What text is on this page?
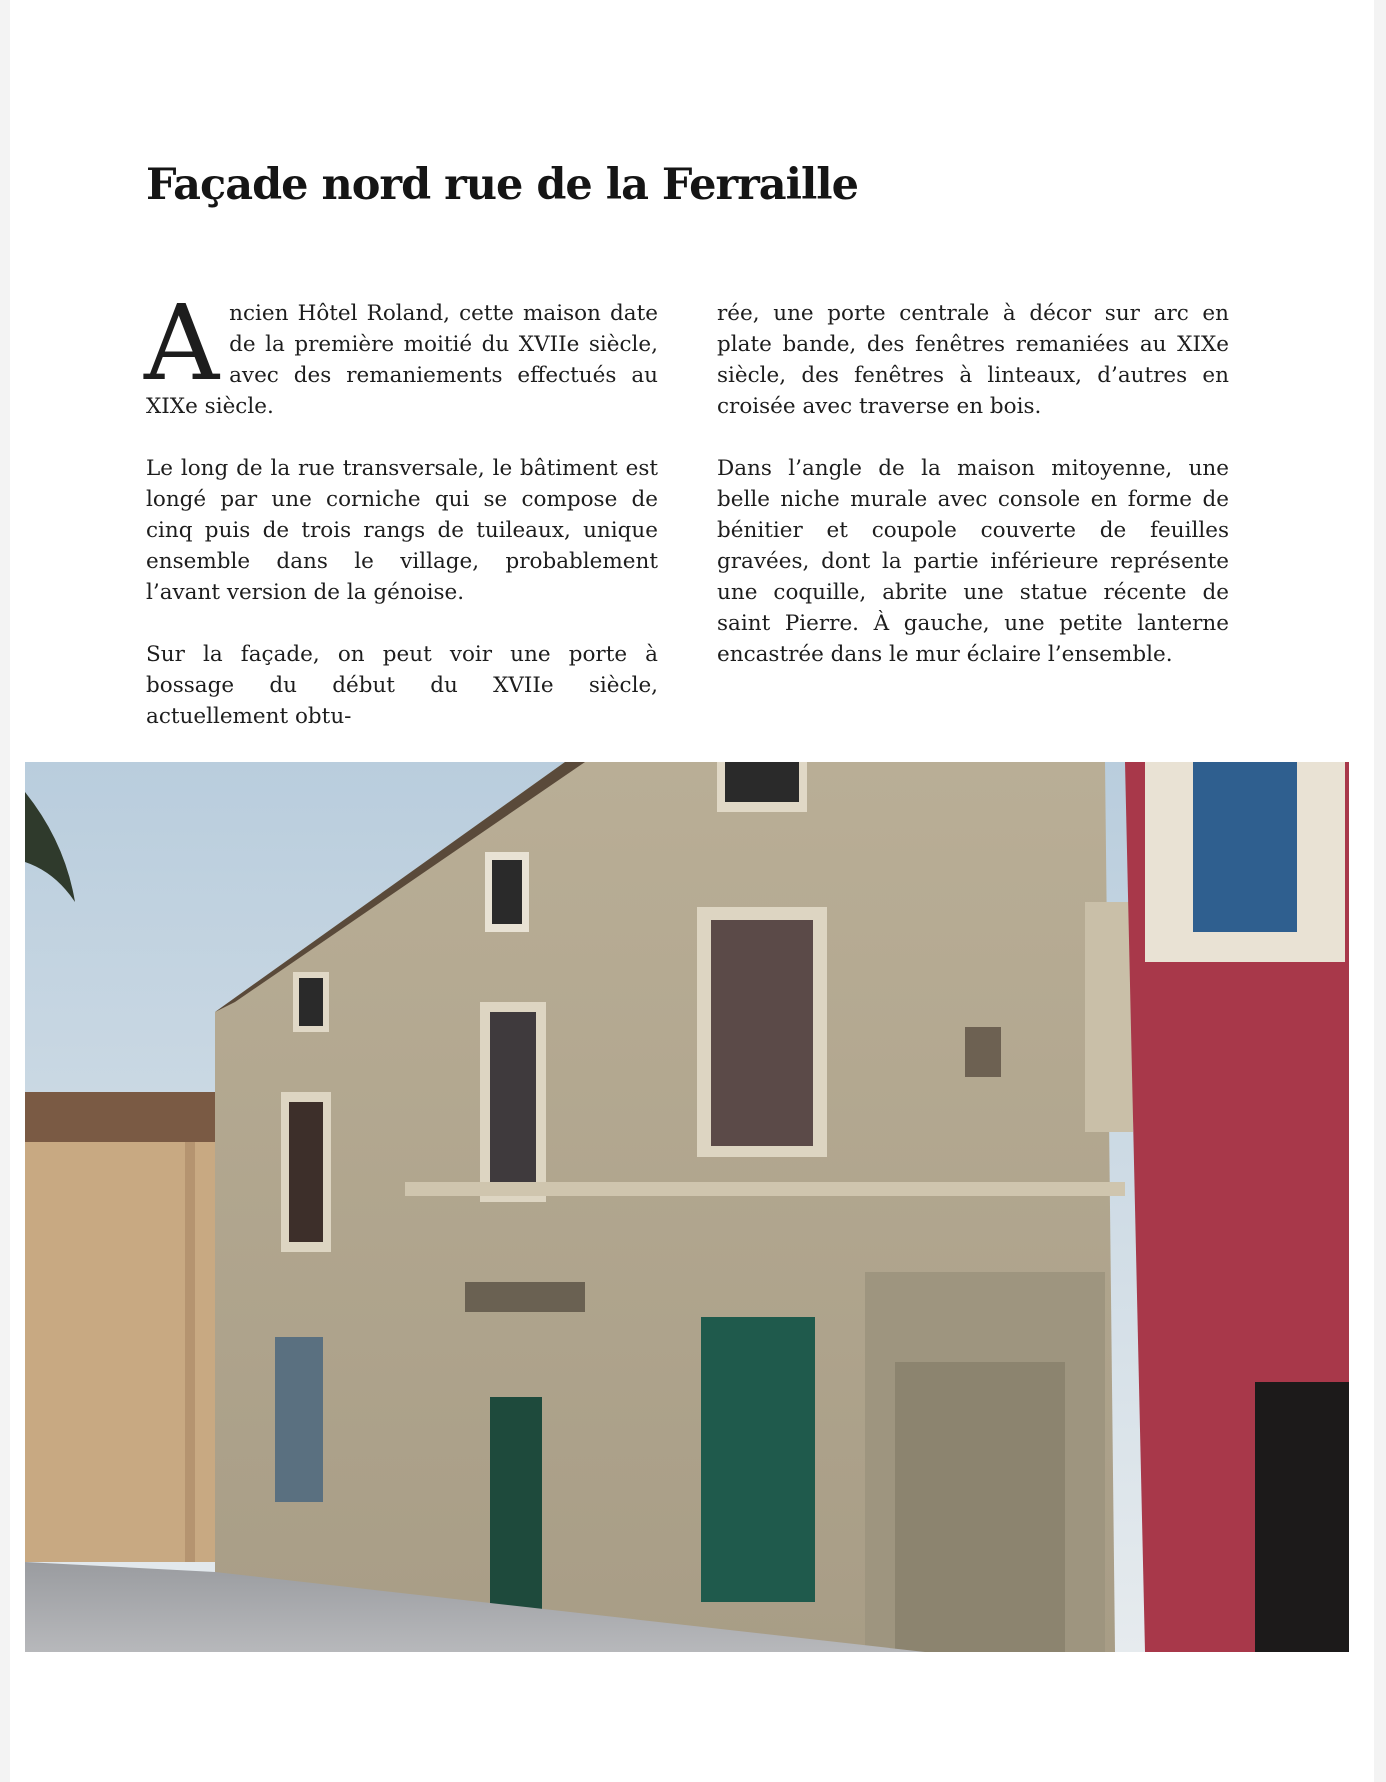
Façade nord rue de la Ferraille

Ancien Hôtel Roland, cette maison date de la première moitié du XVIIe siècle, avec des remaniements effectués au XIXe siècle.

Le long de la rue transversale, le bâtiment est longé par une corniche qui se compose de cinq puis de trois rangs de tuileaux, unique ensemble dans le village, probablement l’avant version de la génoise.

Sur la façade, on peut voir une porte à bossage du début du XVIIe siècle, actuellement obtu-

rée, une porte centrale à décor sur arc en plate bande, des fenêtres remaniées au XIXe siècle, des fenêtres à linteaux, d’autres en croisée avec traverse en bois.

Dans l’angle de la maison mitoyenne, une belle niche murale avec console en forme de bénitier et coupole couverte de feuilles gravées, dont la partie inférieure représente une coquille, abrite une statue récente de saint Pierre. À gauche, une petite lanterne encastrée dans le mur éclaire l’ensemble.
